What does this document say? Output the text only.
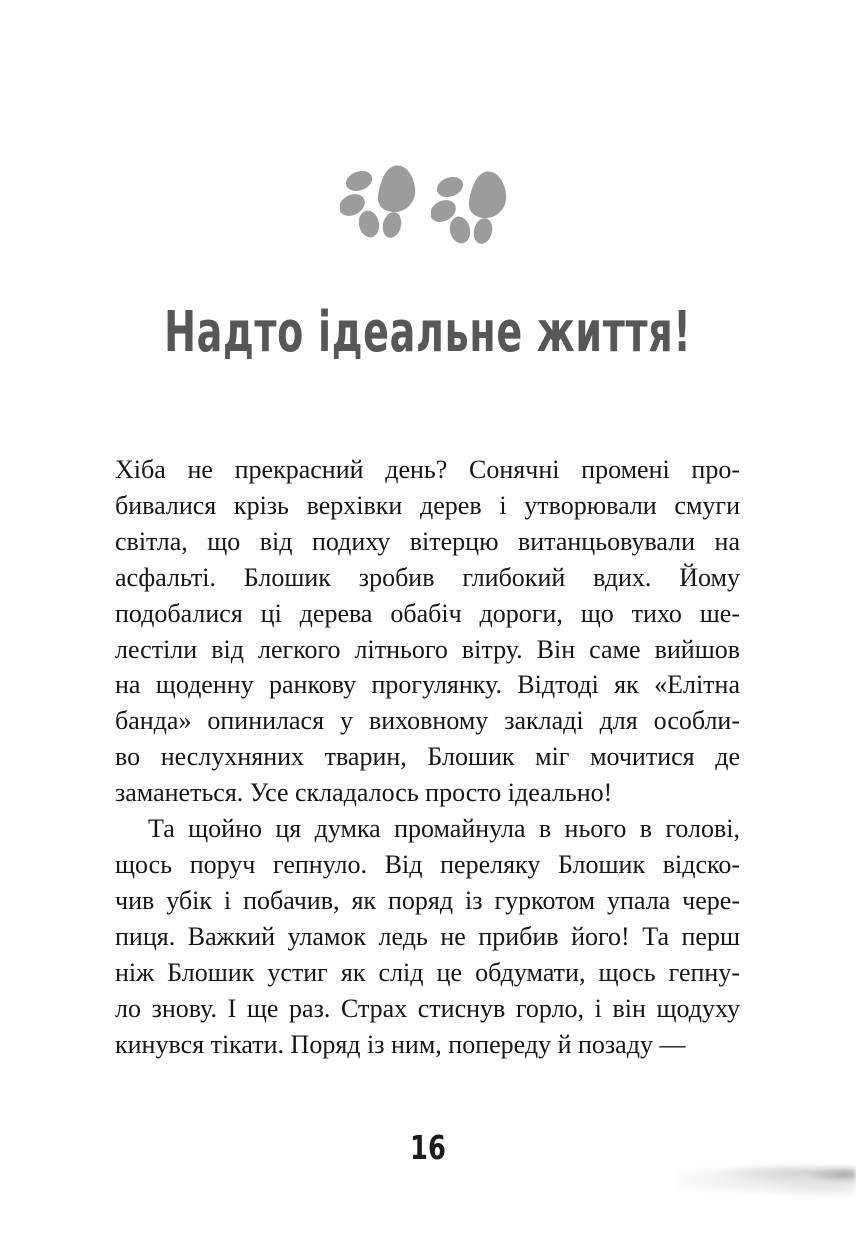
Надто ідеальне життя!
Хіба не прекрасний день? Сонячні промені про-
бивалися крізь верхівки дерев і утворювали смуги
світла, що від подиху вітерцю витанцьовували на
асфальті. Блошик зробив глибокий вдих. Йому
подобалися ці дерева обабіч дороги, що тихо ше-
лестіли від легкого літнього вітру. Він саме вийшов
на щоденну ранкову прогулянку. Відтоді як «Елітна
банда» опинилася у виховному закладі для особли-
во неслухняних тварин, Блошик міг мочитися де
заманеться. Усе складалось просто ідеально!
Та щойно ця думка промайнула в нього в голові,
щось поруч гепнуло. Від переляку Блошик відско-
чив убік і побачив, як поряд із гуркотом упала чере-
пиця. Важкий уламок ледь не прибив його! Та перш
ніж Блошик устиг як слід це обдумати, щось гепну-
ло знову. І ще раз. Страх стиснув горло, і він щодуху
кинувся тікати. Поряд із ним, попереду й позаду —
16
